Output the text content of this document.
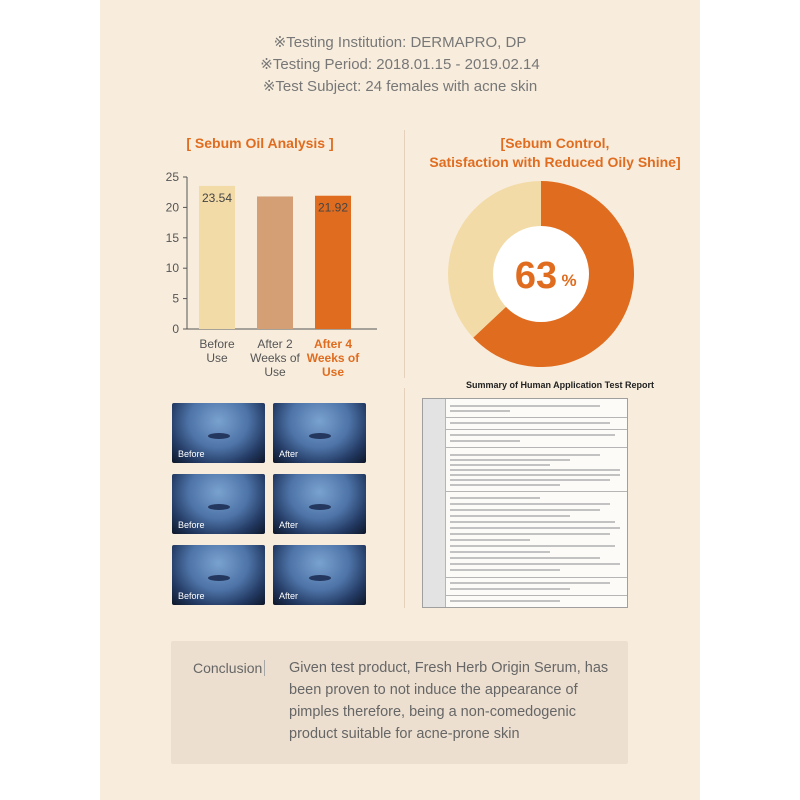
※Testing Institution: DERMAPRO, DP
※Testing Period: 2018.01.15 - 2019.02.14
※Test Subject: 24 females with acne skin
[ Sebum Oil Analysis ]
0
5
10
15
20
25
23.54
Before
Use
After 2
Weeks of
Use
21.92
After 4
Weeks of
Use
[Sebum Control,
Satisfaction with Reduced Oily Shine]
63 %
Before	After
Before	After
Before	After
Summary of Human Application Test Report
Conclusion Given test product, Fresh Herb Origin Serum, has been proven to not induce the appearance of pimples therefore, being a non-comedogenic product suitable for acne-prone skin
